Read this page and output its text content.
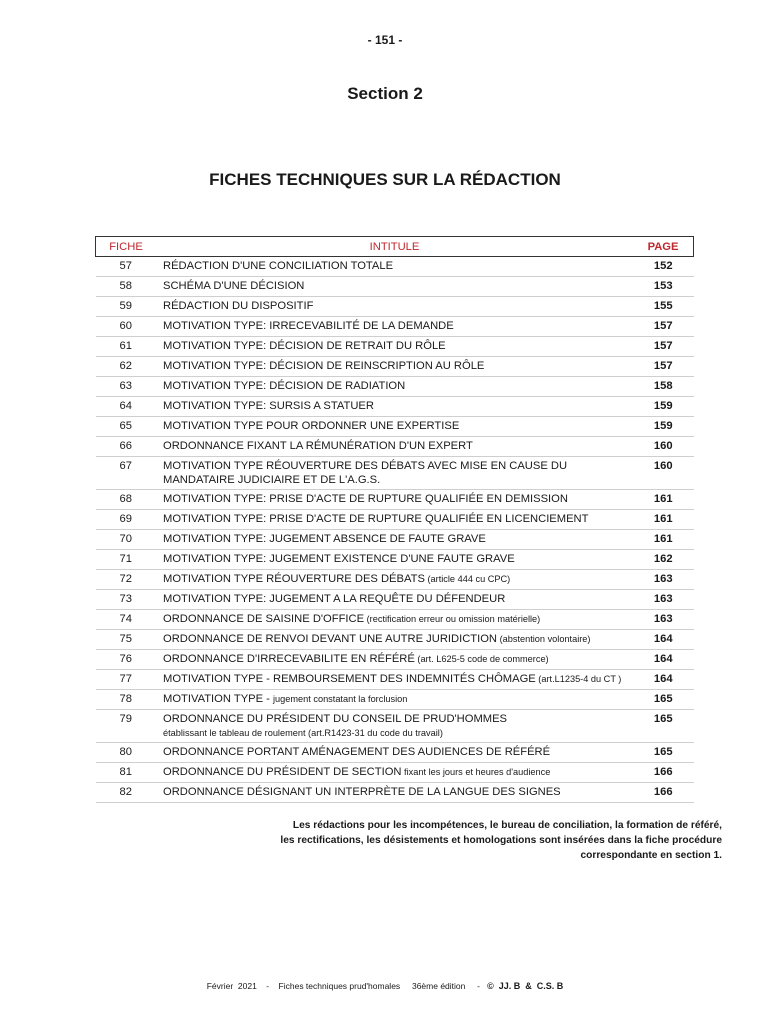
- 151 -
Section 2
FICHES TECHNIQUES SUR LA RÉDACTION
FICHE	INTITULE	PAGE
57	RÉDACTION D'UNE CONCILIATION TOTALE	152
58	SCHÉMA D'UNE DÉCISION	153
59	RÉDACTION DU DISPOSITIF	155
60	MOTIVATION TYPE: IRRECEVABILITÉ DE LA DEMANDE	157
61	MOTIVATION TYPE: DÉCISION DE RETRAIT DU RÔLE	157
62	MOTIVATION TYPE: DÉCISION DE REINSCRIPTION AU RÔLE	157
63	MOTIVATION TYPE: DÉCISION DE RADIATION	158
64	MOTIVATION TYPE: SURSIS A STATUER	159
65	MOTIVATION TYPE POUR ORDONNER UNE EXPERTISE	159
66	ORDONNANCE FIXANT LA RÉMUNÉRATION D'UN EXPERT	160
67	MOTIVATION TYPE RÉOUVERTURE DES DÉBATS AVEC MISE EN CAUSE DU MANDATAIRE JUDICIAIRE ET DE L'A.G.S.	160
68	MOTIVATION TYPE: PRISE D'ACTE DE RUPTURE QUALIFIÉE EN DEMISSION	161
69	MOTIVATION TYPE: PRISE D'ACTE DE RUPTURE QUALIFIÉE EN LICENCIEMENT	161
70	MOTIVATION TYPE: JUGEMENT ABSENCE DE FAUTE GRAVE	161
71	MOTIVATION TYPE: JUGEMENT EXISTENCE D'UNE FAUTE GRAVE	162
72	MOTIVATION TYPE RÉOUVERTURE DES DÉBATS (article 444 cu CPC)	163
73	MOTIVATION TYPE: JUGEMENT A LA REQUÊTE DU DÉFENDEUR	163
74	ORDONNANCE DE SAISINE D'OFFICE (rectification erreur ou omission matérielle)	163
75	ORDONNANCE DE RENVOI DEVANT UNE AUTRE JURIDICTION (abstention volontaire)	164
76	ORDONNANCE D'IRRECEVABILITE EN RÉFÉRÉ (art. L625-5 code de commerce)	164
77	MOTIVATION TYPE - REMBOURSEMENT DES INDEMNITÉS CHÔMAGE (art.L1235-4 du CT )	164
78	MOTIVATION TYPE - jugement constatant la forclusion	165
79	ORDONNANCE DU PRÉSIDENT DU CONSEIL DE PRUD'HOMMES
établissant le tableau de roulement (art.R1423-31 du code du travail)	165
80	ORDONNANCE PORTANT AMÉNAGEMENT DES AUDIENCES DE RÉFÉRÉ	165
81	ORDONNANCE DU PRÉSIDENT DE SECTION fixant les jours et heures d'audience	166
82	ORDONNANCE DÉSIGNANT UN INTERPRÈTE DE LA LANGUE DES SIGNES	166
Les rédactions pour les incompétences, le bureau de conciliation, la formation de référé,
les rectifications, les désistements et homologations sont insérées dans la fiche procédure
correspondante en section 1.
Février  2021    -    Fiches techniques prud'homales     36ème édition     -   ©  JJ. B  &  C.S. B
